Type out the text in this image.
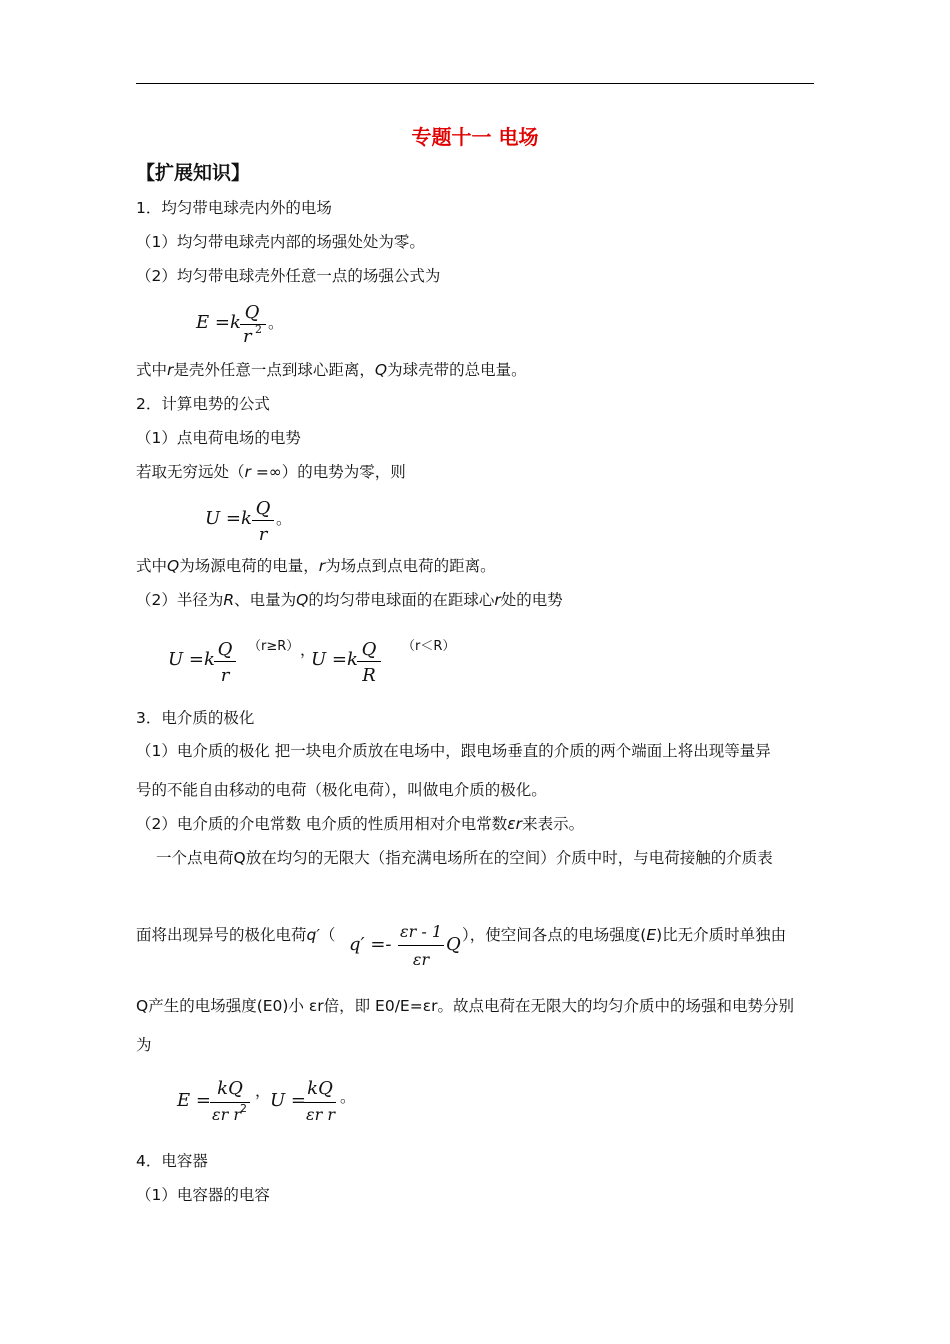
专题十一 电场
【扩展知识】
1．均匀带电球壳内外的电场
（1）均匀带电球壳内部的场强处处为零。
（2）均匀带电球壳外任意一点的场强公式为
E =k Q
r 2 。
式中r是壳外任意一点到球心距离，Q为球壳带的总电量。
2．计算电势的公式
（1）点电荷电场的电势
若取无穷远处（r =∞）的电势为零，则
U =k Q
r
。
式中Q为场源电荷的电量，r为场点到点电荷的距离。
（2）半径为R、电量为Q的均匀带电球面的在距球心r处的电势
U =k Q
r
（r≥R） ，
U =k Q
R
（r＜R）
3．电介质的极化
（1）电介质的极化 把一块电介质放在电场中，跟电场垂直的介质的两个端面上将出现等量异
号的不能自由移动的电荷（极化电荷），叫做电介质的极化。
（2）电介质的介电常数 电介质的性质用相对介电常数εr来表示。
一个点电荷Q放在均匀的无限大（指充满电场所在的空间）介质中时，与电荷接触的介质表
面将出现异号的极化电荷q′（ q′ =-
εr - 1
εr
Q ），使空间各点的电场强度(E)比无介质时单独由
Q产生的电场强度(E0)小 εr倍，即 E0/E=εr。故点电荷在无限大的均匀介质中的场强和电势分别
为
E =
kQ
εr r 2
， U =
kQ
εr r
。
4．电容器
（1）电容器的电容
